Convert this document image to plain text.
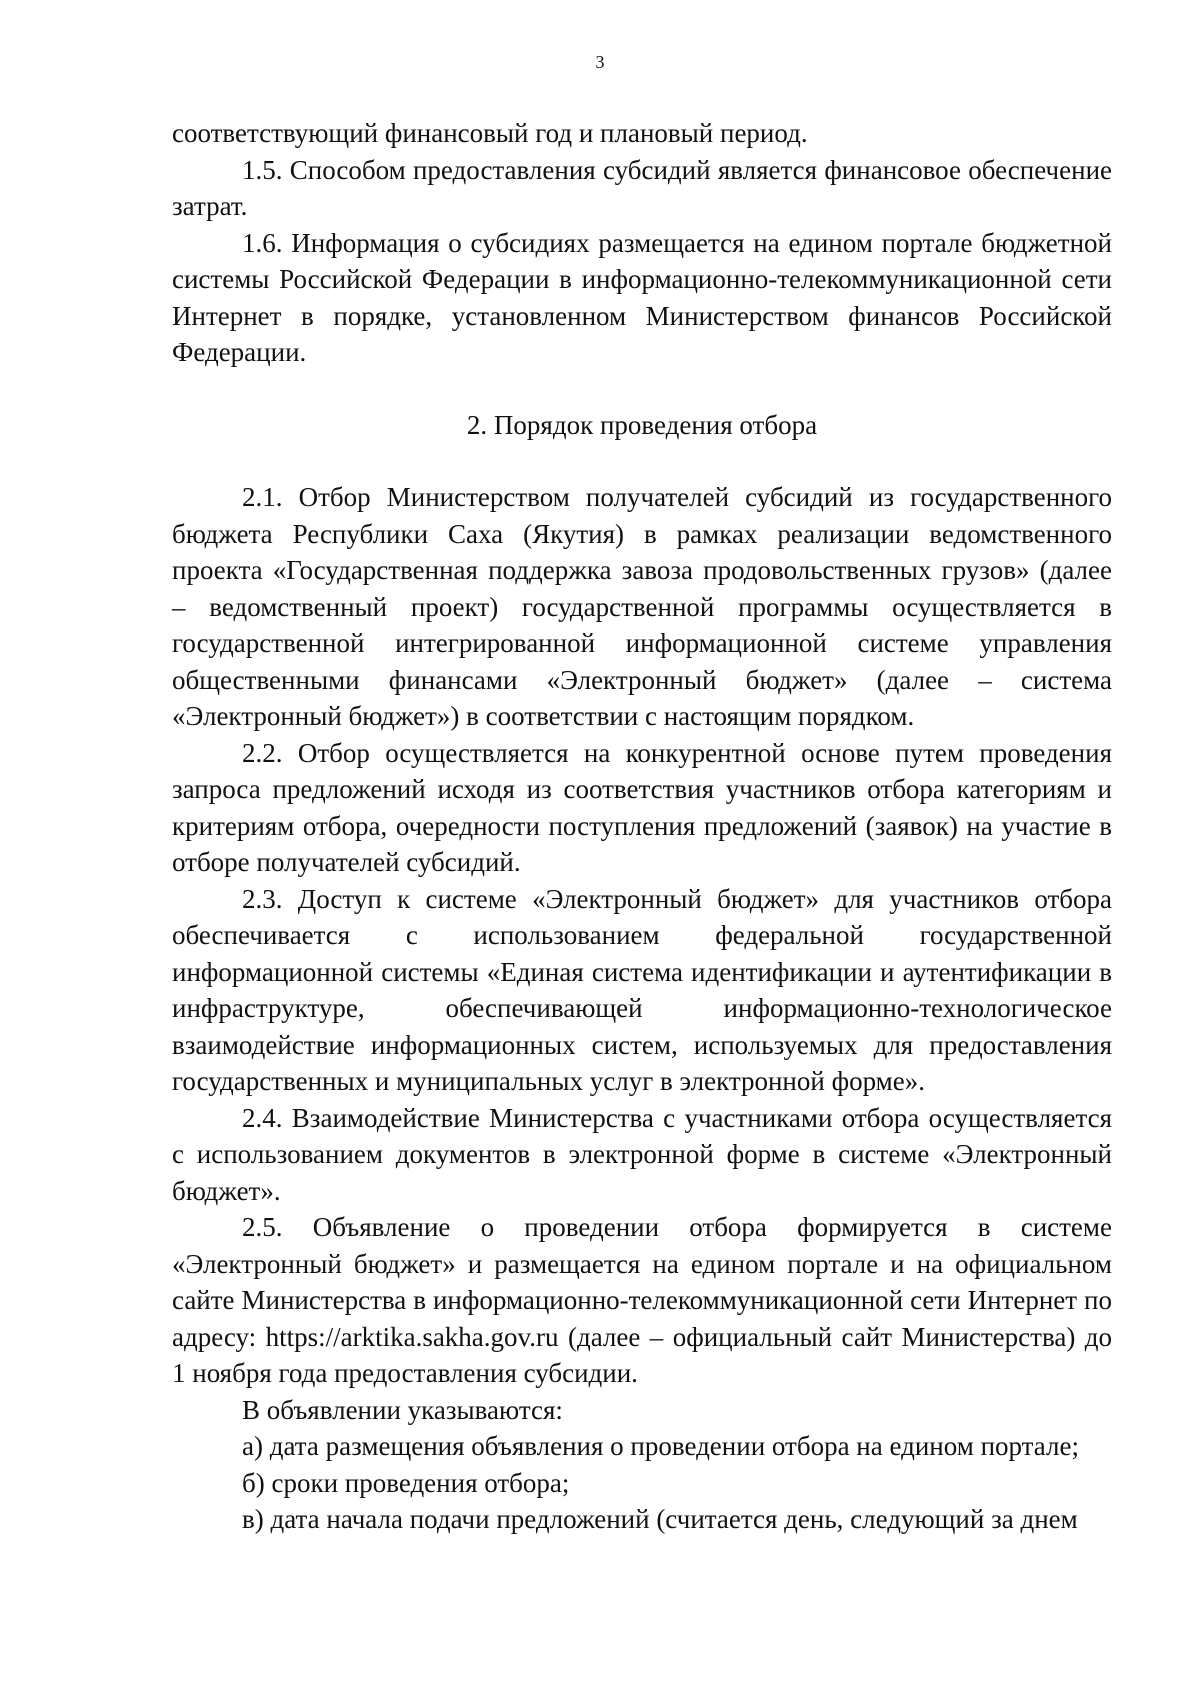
3

соответствующий финансовый год и плановый период.

1.5. Способом предоставления субсидий является финансовое обеспечение затрат.

1.6. Информация о субсидиях размещается на едином портале бюджетной системы Российской Федерации в информационно-телекоммуникационной сети Интернет в порядке, установленном Министерством финансов Российской Федерации.

2. Порядок проведения отбора

2.1. Отбор Министерством получателей субсидий из государственного бюджета Республики Саха (Якутия) в рамках реализации ведомственного проекта «Государственная поддержка завоза продовольственных грузов» (далее – ведомственный проект) государственной программы осуществляется в государственной интегрированной информационной системе управления общественными финансами «Электронный бюджет» (далее – система «Электронный бюджет») в соответствии с настоящим порядком.

2.2. Отбор осуществляется на конкурентной основе путем проведения запроса предложений исходя из соответствия участников отбора категориям и критериям отбора, очередности поступления предложений (заявок) на участие в отборе получателей субсидий.

2.3. Доступ к системе «Электронный бюджет» для участников отбора обеспечивается с использованием федеральной государственной информационной системы «Единая система идентификации и аутентификации в инфраструктуре, обеспечивающей информационно-технологическое взаимодействие информационных систем, используемых для предоставления государственных и муниципальных услуг в электронной форме».

2.4. Взаимодействие Министерства с участниками отбора осуществляется с использованием документов в электронной форме в системе «Электронный бюджет».

2.5. Объявление о проведении отбора формируется в системе «Электронный бюджет» и размещается на едином портале и на официальном сайте Министерства в информационно-телекоммуникационной сети Интернет по адресу: https://arktika.sakha.gov.ru (далее – официальный сайт Министерства) до 1 ноября года предоставления субсидии.

В объявлении указываются:

а) дата размещения объявления о проведении отбора на едином портале;

б) сроки проведения отбора;

в) дата начала подачи предложений (считается день, следующий за днем
